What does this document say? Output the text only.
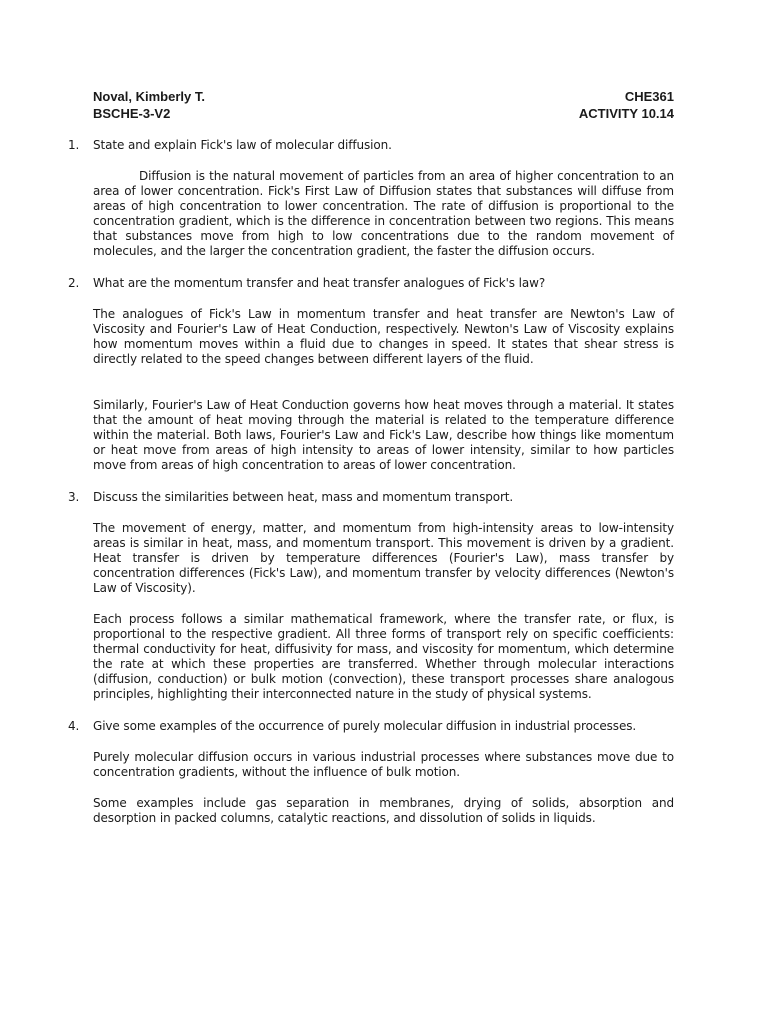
Noval, Kimberly T.	CHE361
BSCHE-3-V2	ACTIVITY 10.14
1.	State and explain Fick's law of molecular diffusion.

Diffusion is the natural movement of particles from an area of higher concentration to an area of lower concentration. Fick's First Law of Diffusion states that substances will diffuse from areas of high concentration to lower concentration. The rate of diffusion is proportional to the concentration gradient, which is the difference in concentration between two regions. This means that substances move from high to low concentrations due to the random movement of molecules, and the larger the concentration gradient, the faster the diffusion occurs.

2.	What are the momentum transfer and heat transfer analogues of Fick's law?

The analogues of Fick's Law in momentum transfer and heat transfer are Newton's Law of Viscosity and Fourier's Law of Heat Conduction, respectively. Newton's Law of Viscosity explains how momentum moves within a fluid due to changes in speed. It states that shear stress is directly related to the speed changes between different layers of the fluid.

Similarly, Fourier's Law of Heat Conduction governs how heat moves through a material. It states that the amount of heat moving through the material is related to the temperature difference within the material. Both laws, Fourier's Law and Fick's Law, describe how things like momentum or heat move from areas of high intensity to areas of lower intensity, similar to how particles move from areas of high concentration to areas of lower concentration.

3.	Discuss the similarities between heat, mass and momentum transport.

The movement of energy, matter, and momentum from high-intensity areas to low-intensity areas is similar in heat, mass, and momentum transport. This movement is driven by a gradient. Heat transfer is driven by temperature differences (Fourier's Law), mass transfer by concentration differences (Fick's Law), and momentum transfer by velocity differences (Newton's Law of Viscosity).

Each process follows a similar mathematical framework, where the transfer rate, or flux, is proportional to the respective gradient. All three forms of transport rely on specific coefficients: thermal conductivity for heat, diffusivity for mass, and viscosity for momentum, which determine the rate at which these properties are transferred. Whether through molecular interactions (diffusion, conduction) or bulk motion (convection), these transport processes share analogous principles, highlighting their interconnected nature in the study of physical systems.

4.	Give some examples of the occurrence of purely molecular diffusion in industrial processes.

Purely molecular diffusion occurs in various industrial processes where substances move due to concentration gradients, without the influence of bulk motion.

Some examples include gas separation in membranes, drying of solids, absorption and desorption in packed columns, catalytic reactions, and dissolution of solids in liquids.
